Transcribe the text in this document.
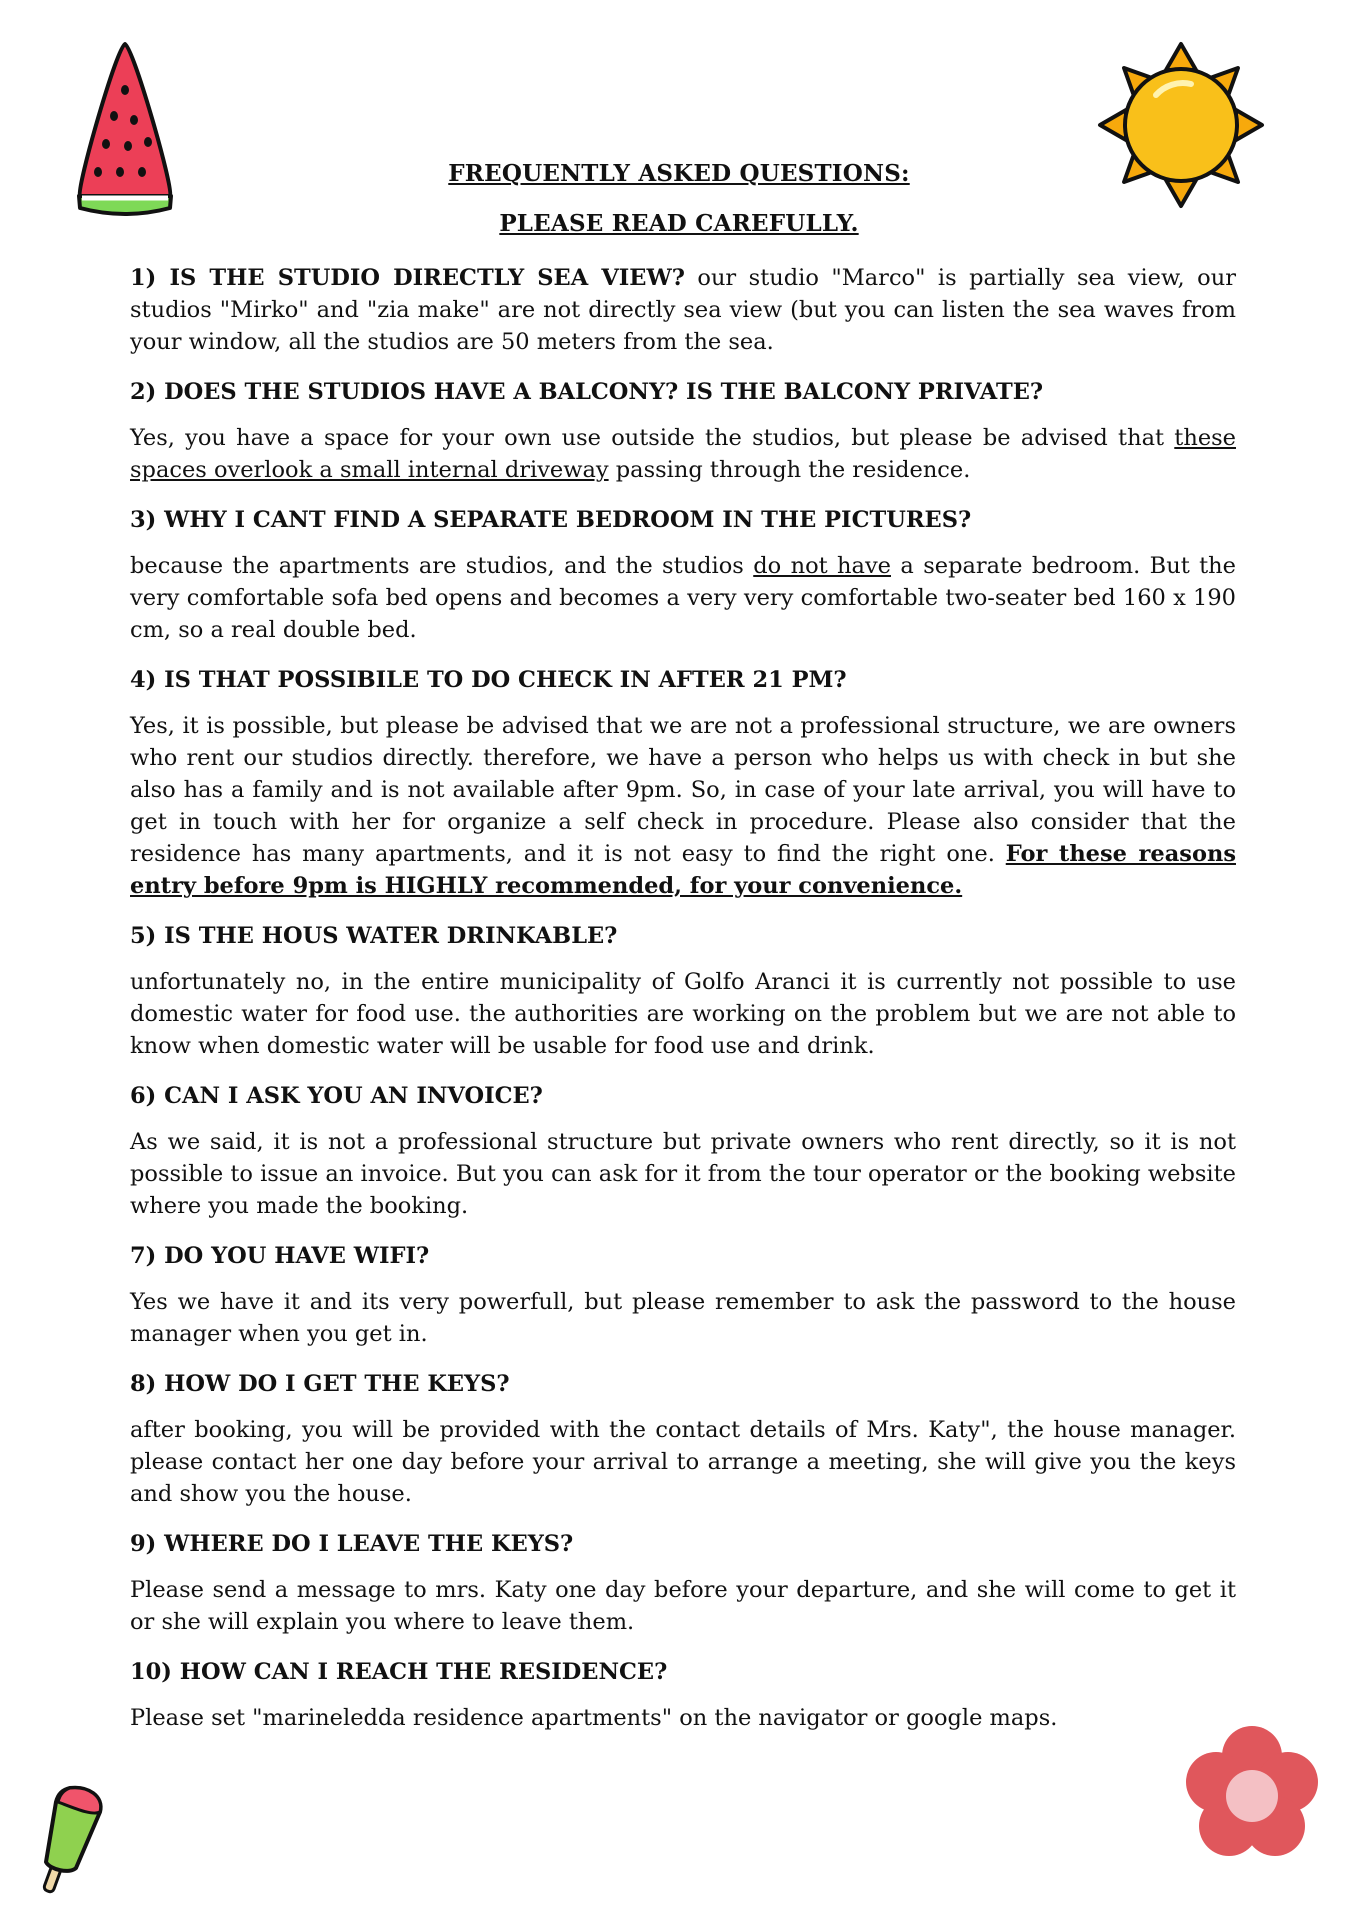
FREQUENTLY ASKED QUESTIONS:
PLEASE READ CAREFULLY.

1) IS THE STUDIO DIRECTLY SEA VIEW? our studio "Marco" is partially sea view, our studios "Mirko" and "zia make" are not directly sea view (but you can listen the sea waves from your window, all the studios are 50 meters from the sea.

2) DOES THE STUDIOS HAVE A BALCONY? IS THE BALCONY PRIVATE?

Yes, you have a space for your own use outside the studios, but please be advised that these spaces overlook a small internal driveway passing through the residence.

3) WHY I CANT FIND A SEPARATE BEDROOM IN THE PICTURES?

because the apartments are studios, and the studios do not have a separate bedroom. But the very comfortable sofa bed opens and becomes a very very comfortable two-seater bed 160 x 190 cm, so a real double bed.

4) IS THAT POSSIBILE TO DO CHECK IN AFTER 21 PM?

Yes, it is possible, but please be advised that we are not a professional structure, we are owners who rent our studios directly. therefore, we have a person who helps us with check in but she also has a family and is not available after 9pm. So, in case of your late arrival, you will have to get in touch with her for organize a self check in procedure. Please also consider that the residence has many apartments, and it is not easy to find the right one. For these reasons entry before 9pm is HIGHLY recommended, for your convenience.

5) IS THE HOUS WATER DRINKABLE?

unfortunately no, in the entire municipality of Golfo Aranci it is currently not possible to use domestic water for food use. the authorities are working on the problem but we are not able to know when domestic water will be usable for food use and drink.

6) CAN I ASK YOU AN INVOICE?

As we said, it is not a professional structure but private owners who rent directly, so it is not possible to issue an invoice. But you can ask for it from the tour operator or the booking website where you made the booking.

7) DO YOU HAVE WIFI?

Yes we have it and its very powerfull, but please remember to ask the password to the house manager when you get in.

8) HOW DO I GET THE KEYS?

after booking, you will be provided with the contact details of Mrs. Katy", the house manager. please contact her one day before your arrival to arrange a meeting, she will give you the keys and show you the house.

9) WHERE DO I LEAVE THE KEYS?

Please send a message to mrs. Katy one day before your departure, and she will come to get it or she will explain you where to leave them.

10) HOW CAN I REACH THE RESIDENCE?

Please set "marineledda residence apartments" on the navigator or google maps.
